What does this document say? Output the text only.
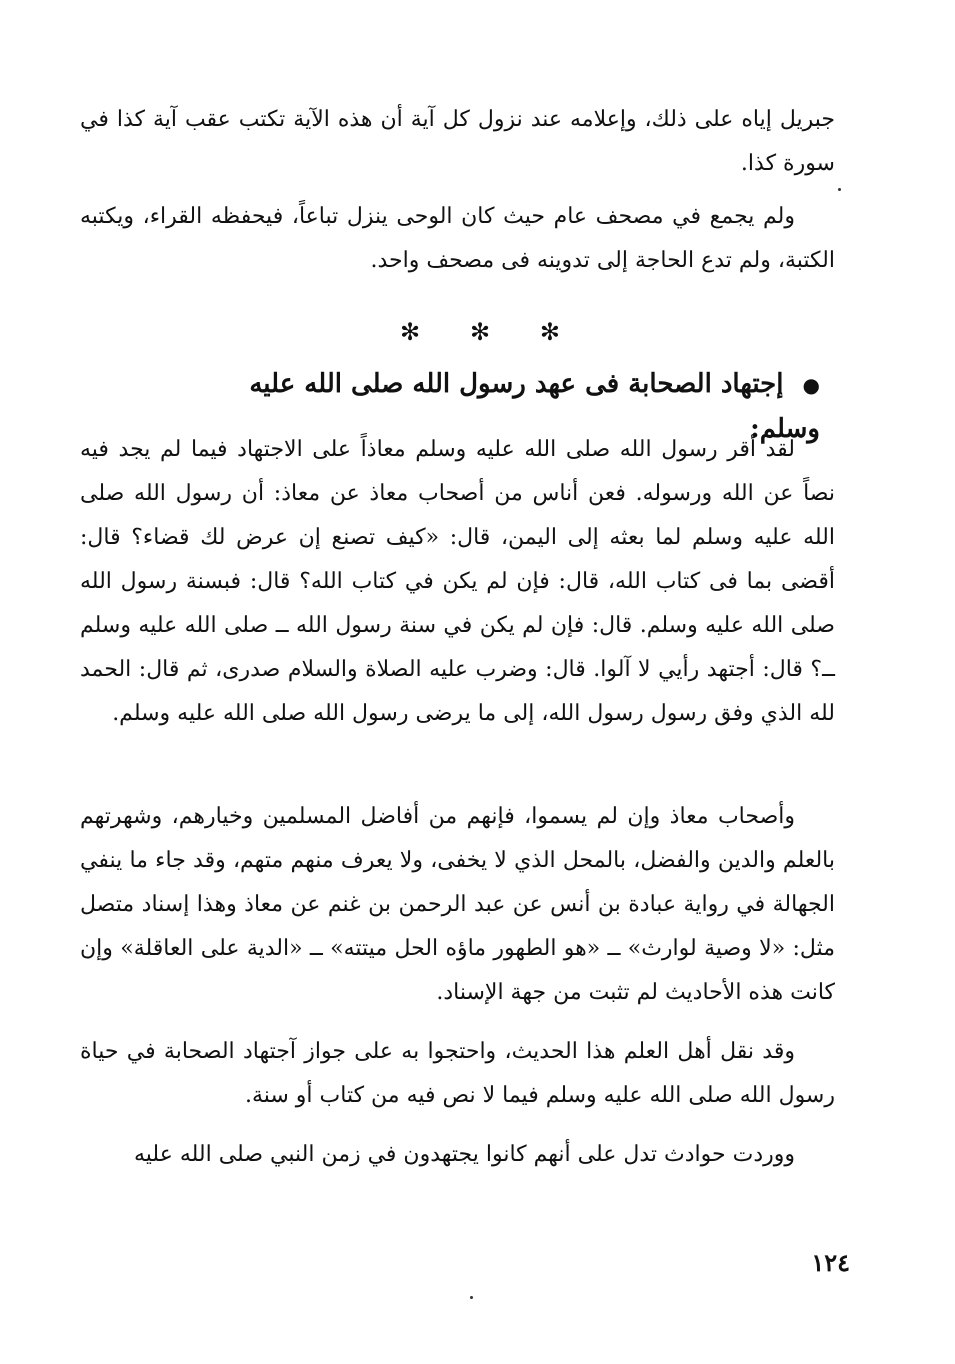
جبريل إياه على ذلك، وإعلامه عند نزول كل آية أن هذه الآية تكتب عقب آية كذا في سورة كذا.

ولم يجمع في مصحف عام حيث كان الوحى ينزل تباعاً، فيحفظه القراء، ويكتبه الكتبة، ولم تدع الحاجة إلى تدوينه فى مصحف واحد.

✻ ✻ ✻
● إجتهاد الصحابة فى عهد رسول الله صلى الله عليه وسلم:

لقد أقر رسول الله صلى الله عليه وسلم معاذاً على الاجتهاد فيما لم يجد فيه نصاً عن الله ورسوله. فعن أناس من أصحاب معاذ عن معاذ: أن رسول الله صلى الله عليه وسلم لما بعثه إلى اليمن، قال: «كيف تصنع إن عرض لك قضاء؟ قال: أقضى بما فى كتاب الله، قال: فإن لم يكن في كتاب الله؟ قال: فبسنة رسول الله صلى الله عليه وسلم. قال: فإن لم يكن في سنة رسول الله ــ صلى الله عليه وسلم ــ؟ قال: أجتهد رأيي لا آلوا. قال: وضرب عليه الصلاة والسلام صدرى، ثم قال: الحمد لله الذي وفق رسول رسول الله، إلى ما يرضى رسول الله صلى الله عليه وسلم.

وأصحاب معاذ وإن لم يسموا، فإنهم من أفاضل المسلمين وخيارهم، وشهرتهم بالعلم والدين والفضل، بالمحل الذي لا يخفى، ولا يعرف منهم متهم، وقد جاء ما ينفي الجهالة في رواية عبادة بن أنس عن عبد الرحمن بن غنم عن معاذ وهذا إسناد متصل مثل: «لا وصية لوارث» ــ «هو الطهور ماؤه الحل ميتته» ــ «الدية على العاقلة» وإن كانت هذه الأحاديث لم تثبت من جهة الإسناد.

وقد نقل أهل العلم هذا الحديث، واحتجوا به على جواز آجتهاد الصحابة في حياة رسول الله صلى الله عليه وسلم فيما لا نص فيه من كتاب أو سنة.

ووردت حوادث تدل على أنهم كانوا يجتهدون في زمن النبي صلى الله عليه

١٢٤
